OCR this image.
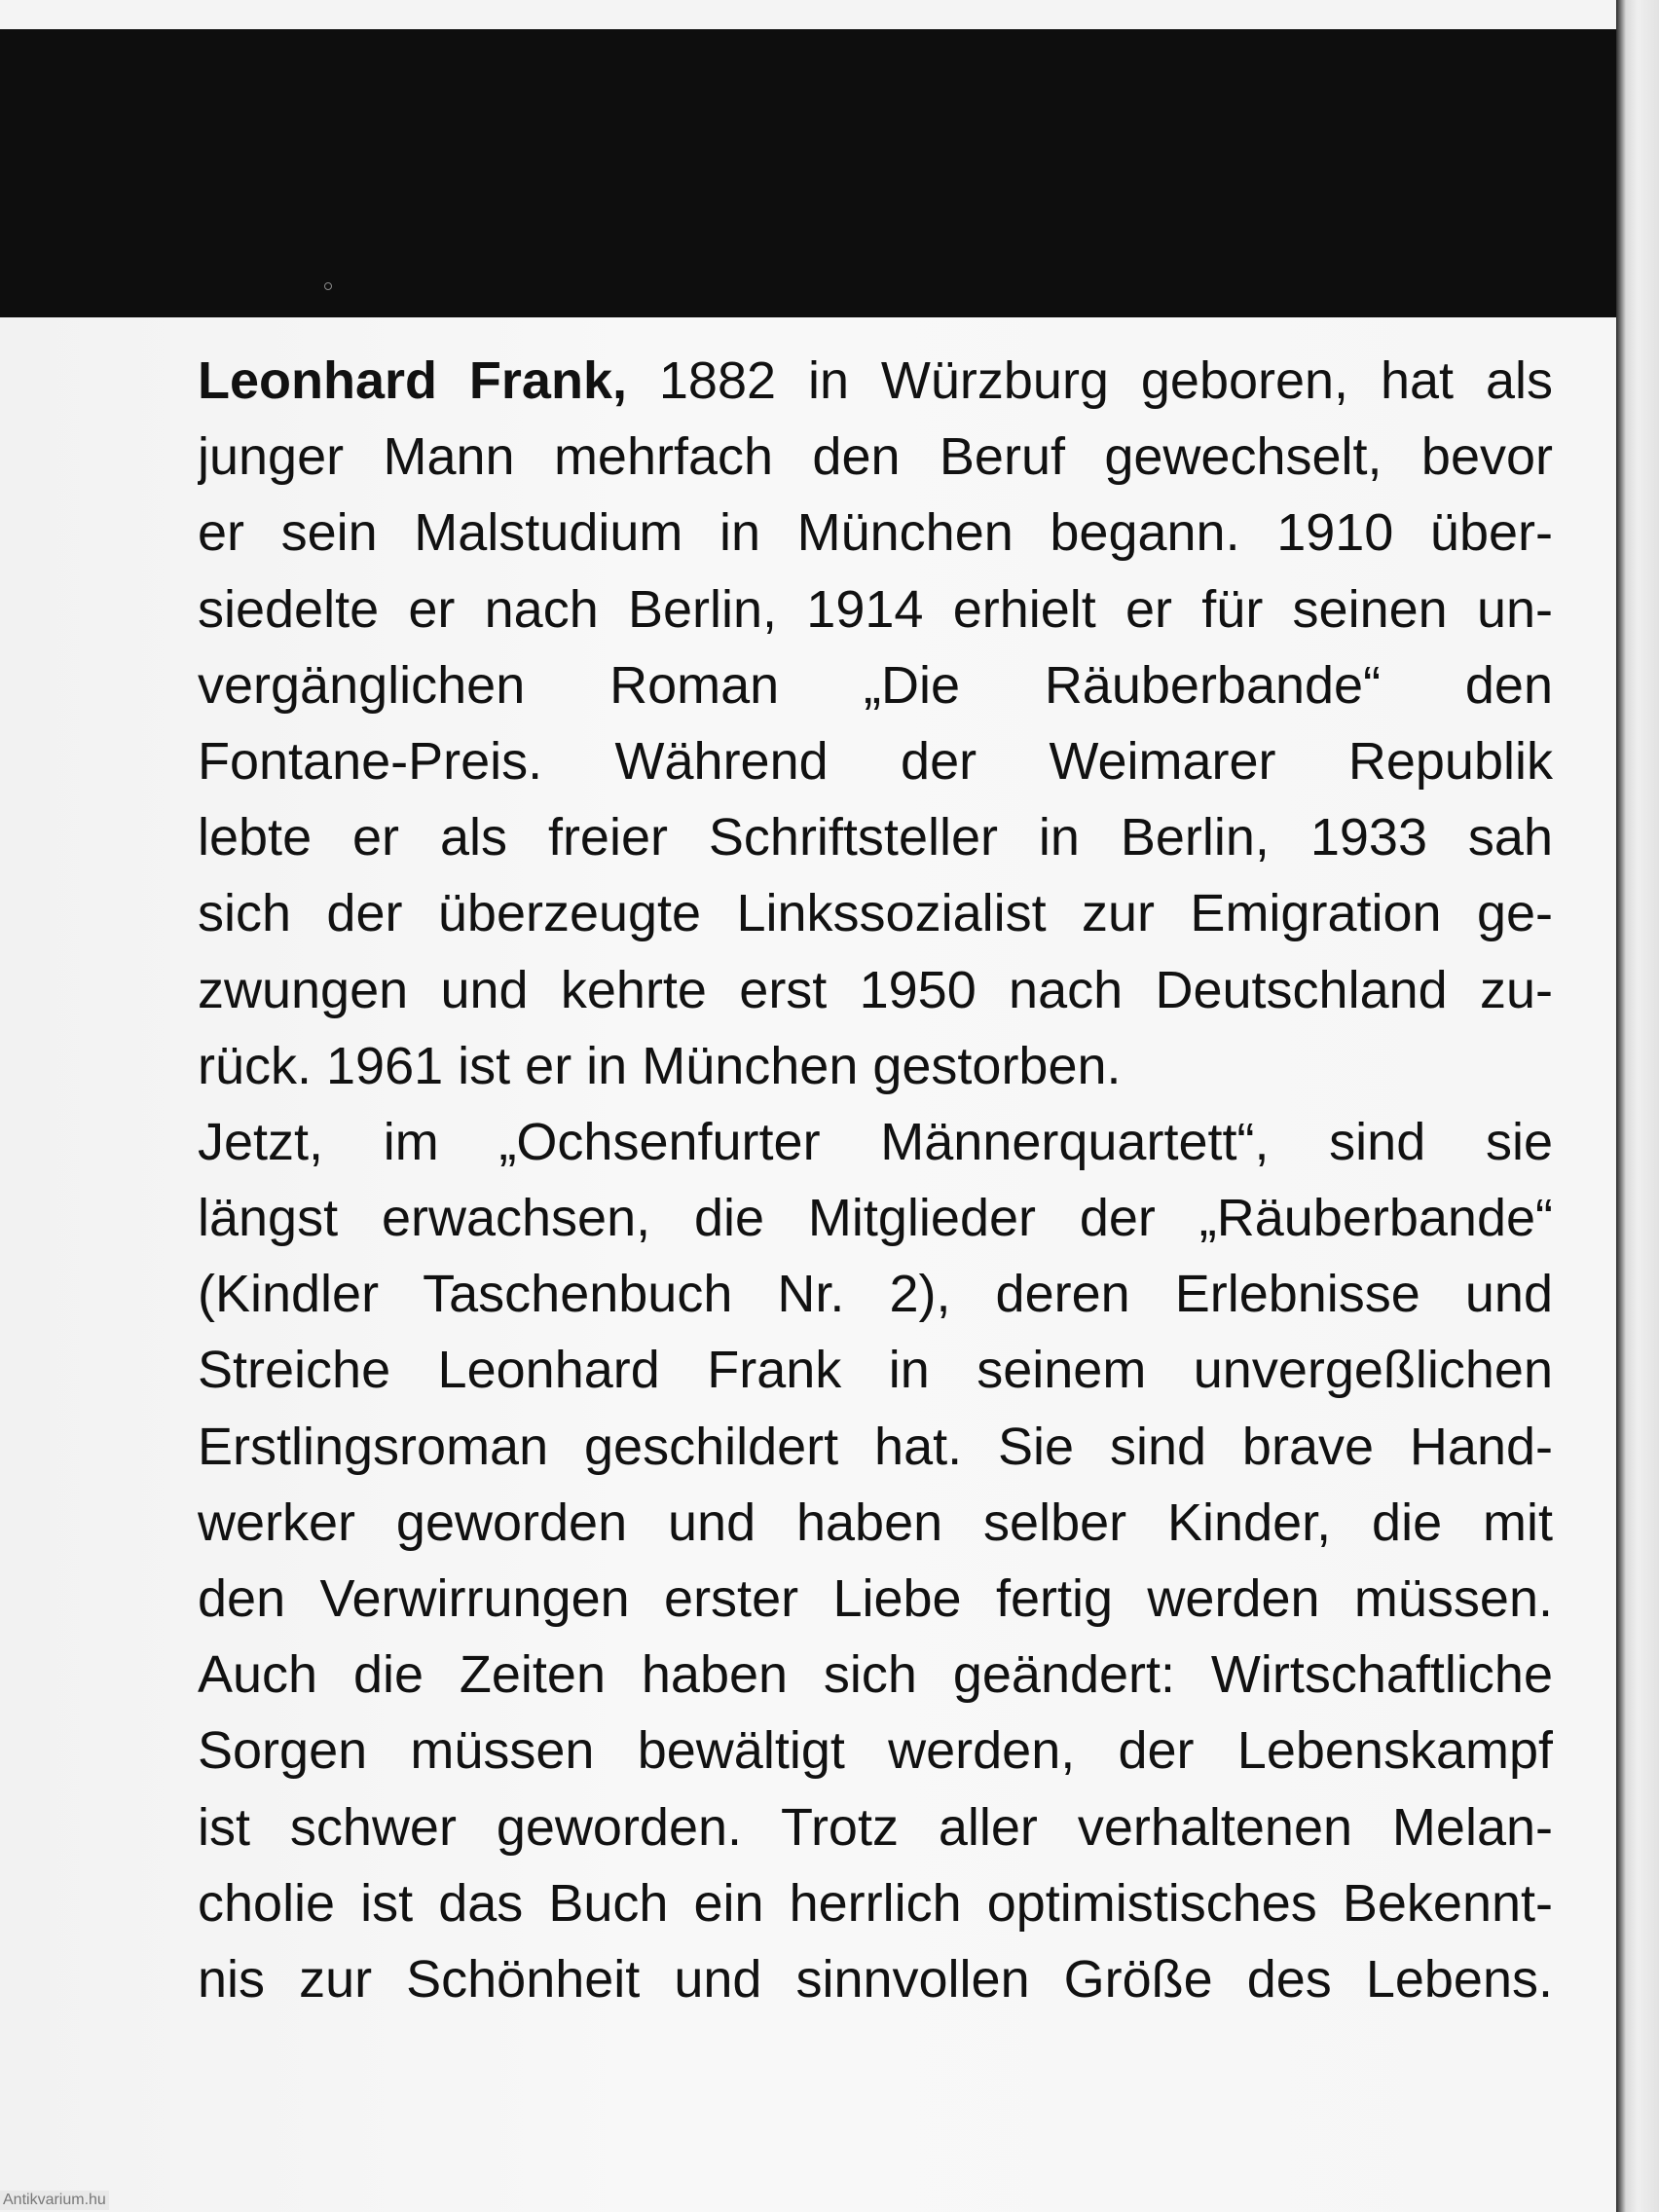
Leonhard Frank, 1882 in Würzburg geboren, hat als
junger Mann mehrfach den Beruf gewechselt, bevor
er sein Malstudium in München begann. 1910 über-
siedelte er nach Berlin, 1914 erhielt er für seinen un-
vergänglichen Roman „Die Räuberbande“ den
Fontane-Preis. Während der Weimarer Republik
lebte er als freier Schriftsteller in Berlin, 1933 sah
sich der überzeugte Linkssozialist zur Emigration ge-
zwungen und kehrte erst 1950 nach Deutschland zu-
rück. 1961 ist er in München gestorben.
Jetzt, im „Ochsenfurter Männerquartett“, sind sie
längst erwachsen, die Mitglieder der „Räuberbande“
(Kindler Taschenbuch Nr. 2), deren Erlebnisse und
Streiche Leonhard Frank in seinem unvergeßlichen
Erstlingsroman geschildert hat. Sie sind brave Hand-
werker geworden und haben selber Kinder, die mit
den Verwirrungen erster Liebe fertig werden müssen.
Auch die Zeiten haben sich geändert: Wirtschaftliche
Sorgen müssen bewältigt werden, der Lebenskampf
ist schwer geworden. Trotz aller verhaltenen Melan-
cholie ist das Buch ein herrlich optimistisches Bekennt-
nis zur Schönheit und sinnvollen Größe des Lebens.
Antikvarium.hu
